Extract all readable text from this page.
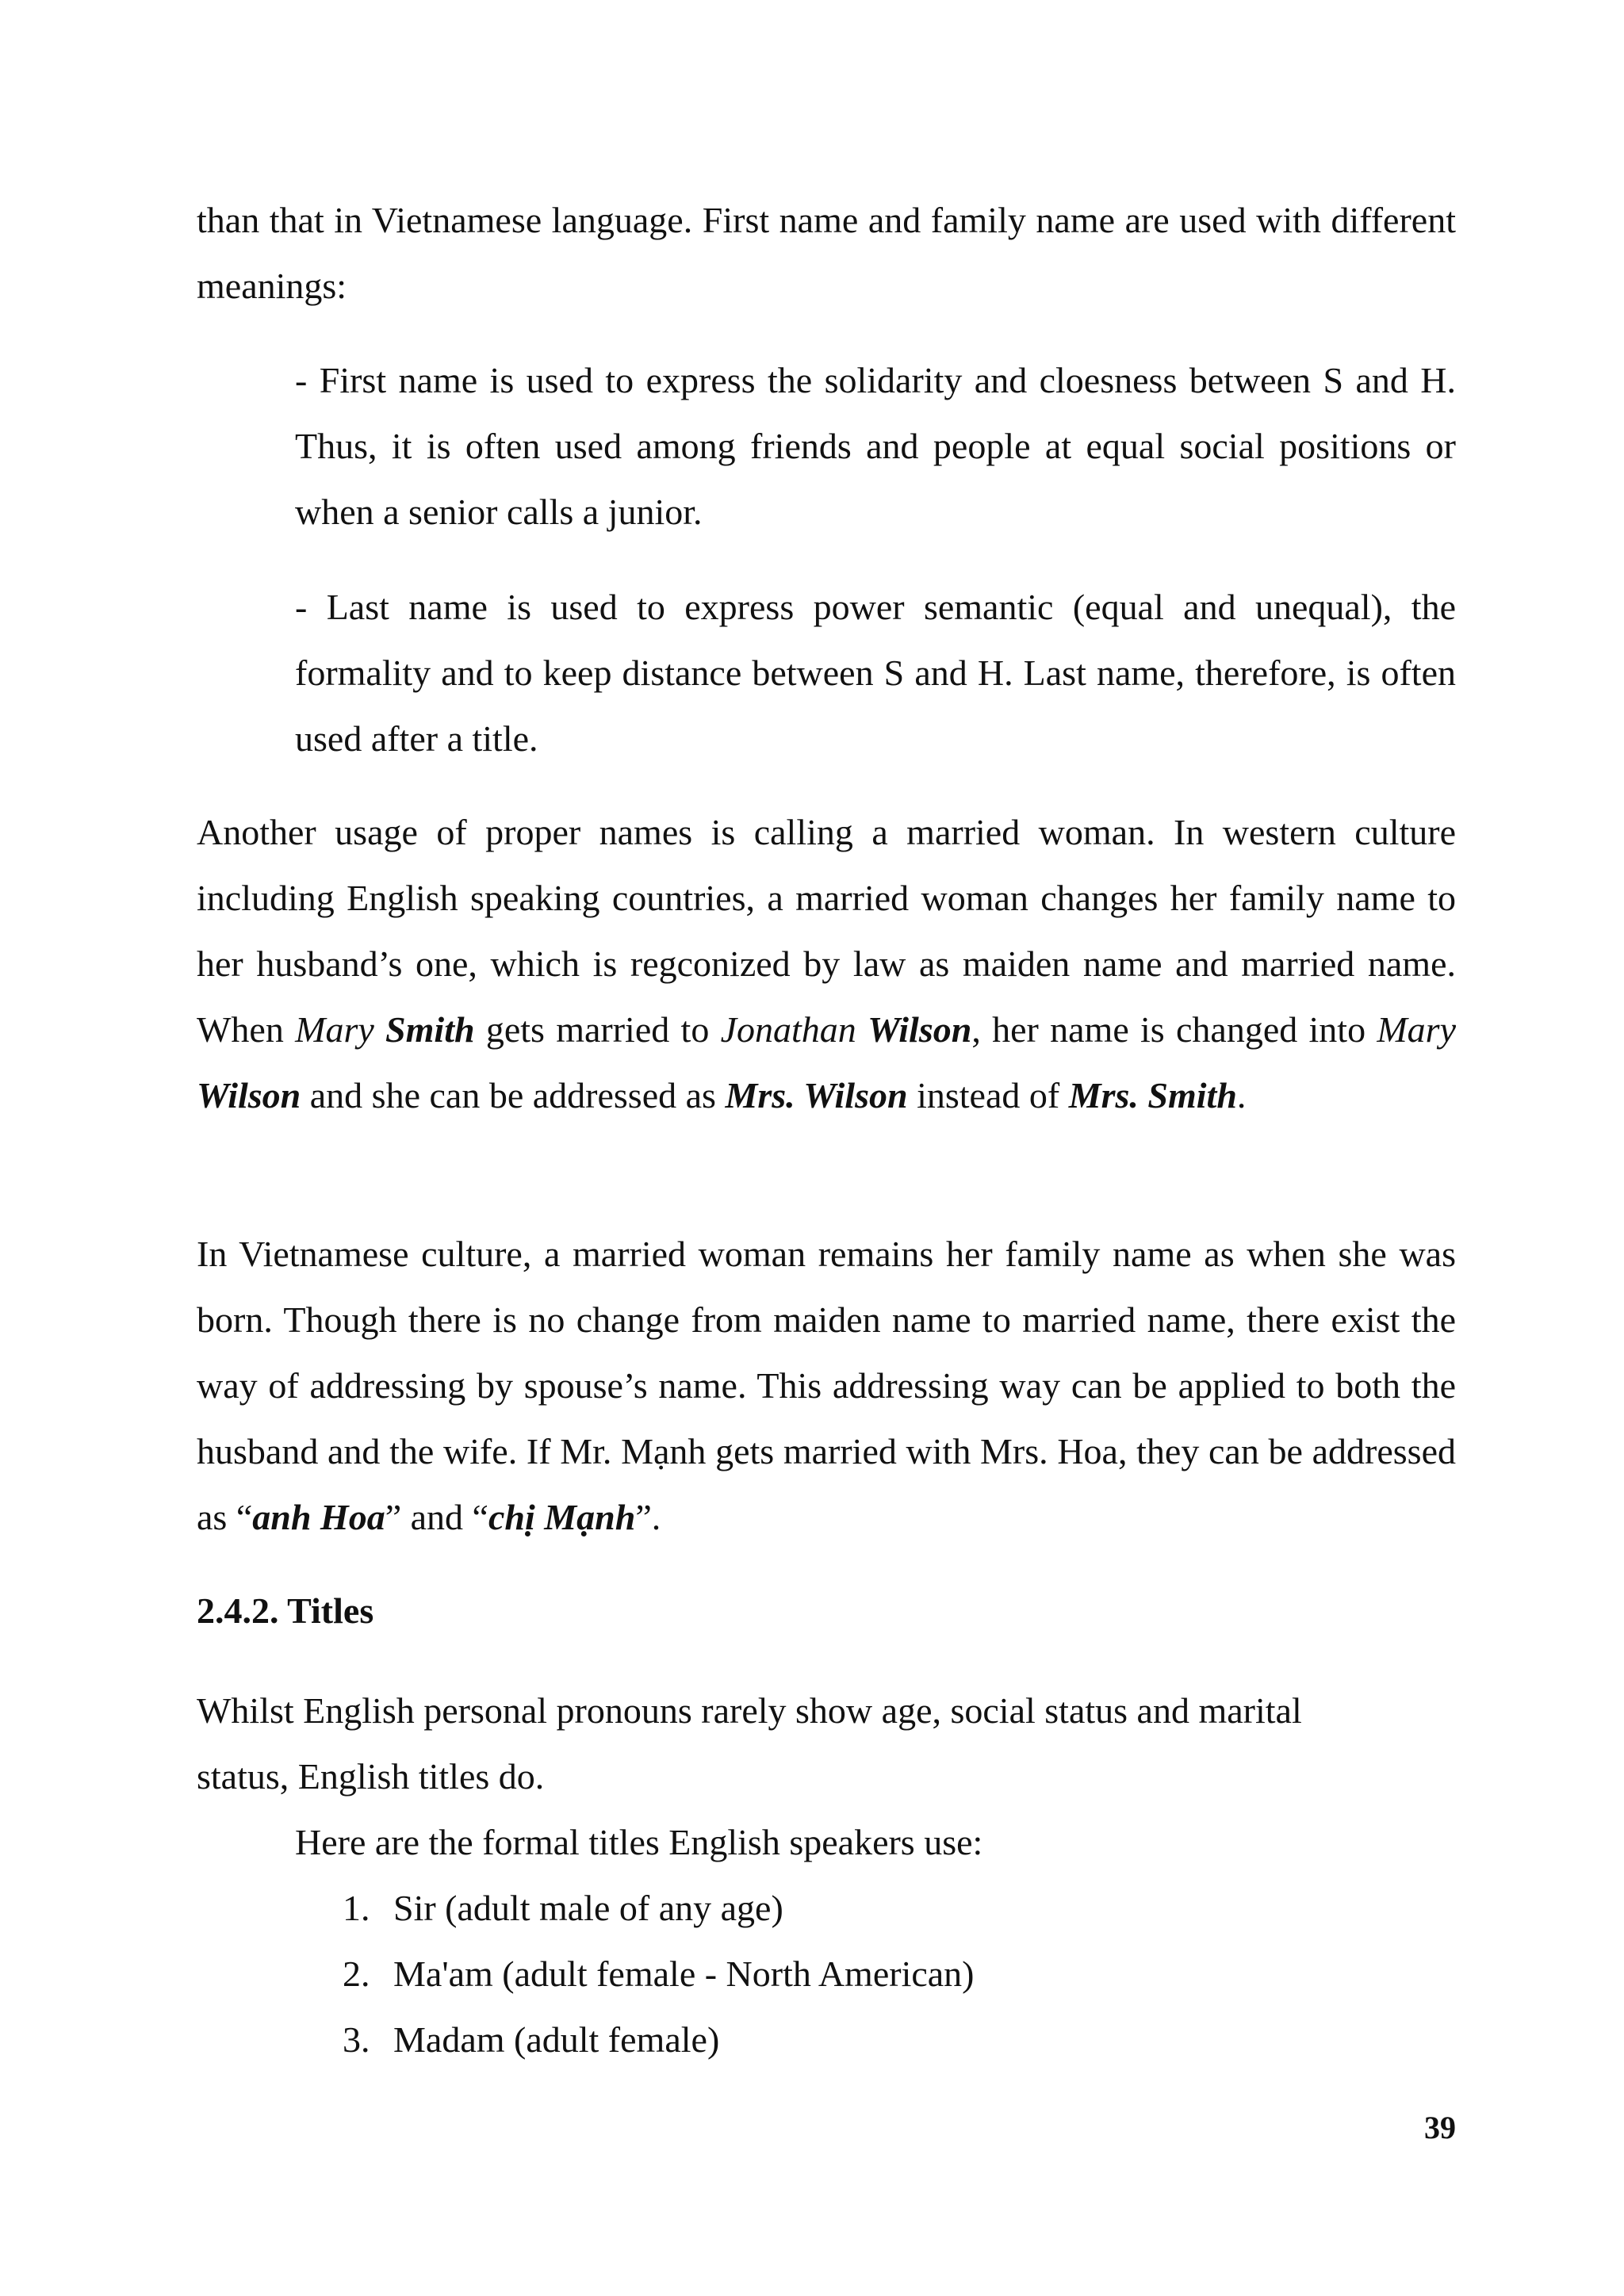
than that in Vietnamese language. First name and family name are used with different meanings:

- First name is used to express the solidarity and cloesness between S and H. Thus, it is often used among friends and people at equal social positions or when a senior calls a junior.

- Last name is used to express power semantic (equal and unequal), the formality and to keep distance between S and H. Last name, therefore, is often used after a title.

Another usage of proper names is calling a married woman. In western culture including English speaking countries, a married woman changes her family name to her husband’s one, which is regconized by law as maiden name and married name. When Mary Smith gets married to Jonathan Wilson, her name is changed into Mary Wilson and she can be addressed as Mrs. Wilson instead of Mrs. Smith.

In Vietnamese culture, a married woman remains her family name as when she was born. Though there is no change from maiden name to married name, there exist the way of addressing by spouse’s name. This addressing way can be applied to both the husband and the wife. If Mr. Mạnh gets married with Mrs. Hoa, they can be addressed as “anh Hoa” and “chị Mạnh”.

2.4.2. Titles

Whilst English personal pronouns rarely show age, social status and marital status, English titles do.

Here are the formal titles English speakers use:

1. Sir (adult male of any age)
2. Ma'am (adult female - North American)
3. Madam (adult female)
39
